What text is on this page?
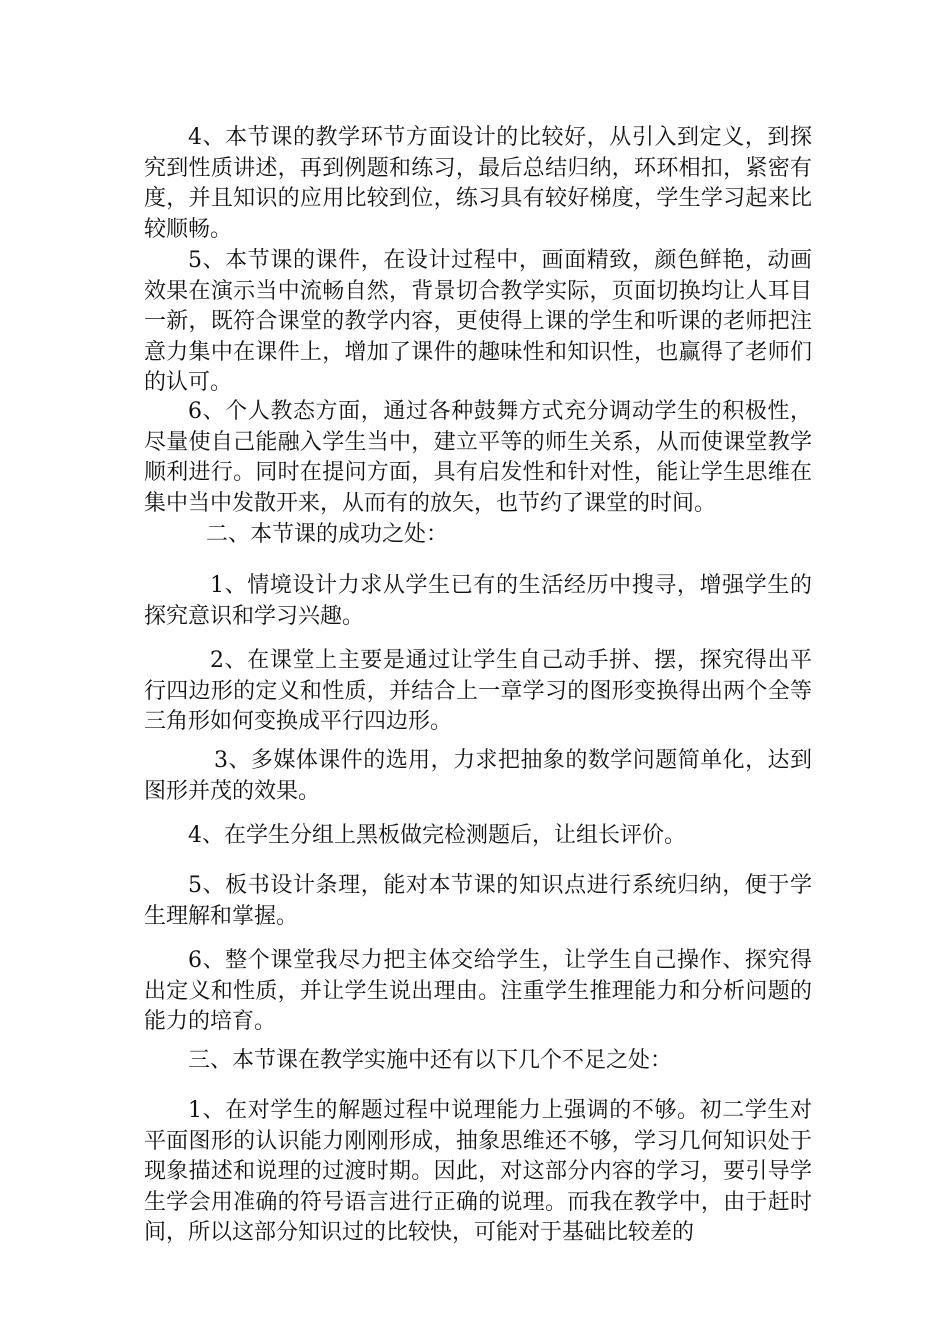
4、本节课的教学环节方面设计的比较好，从引入到定义，到探究到性质讲述，再到例题和练习，最后总结归纳，环环相扣，紧密有度，并且知识的应用比较到位，练习具有较好梯度，学生学习起来比较顺畅。

5、本节课的课件，在设计过程中，画面精致，颜色鲜艳，动画效果在演示当中流畅自然，背景切合教学实际，页面切换均让人耳目一新，既符合课堂的教学内容，更使得上课的学生和听课的老师把注意力集中在课件上，增加了课件的趣味性和知识性，也赢得了老师们的认可。

6、个人教态方面，通过各种鼓舞方式充分调动学生的积极性，尽量使自己能融入学生当中，建立平等的师生关系，从而使课堂教学顺利进行。同时在提问方面，具有启发性和针对性，能让学生思维在集中当中发散开来，从而有的放矢，也节约了课堂的时间。

二、本节课的成功之处：

1、情境设计力求从学生已有的生活经历中搜寻，增强学生的探究意识和学习兴趣。

2、在课堂上主要是通过让学生自己动手拼、摆，探究得出平行四边形的定义和性质，并结合上一章学习的图形变换得出两个全等三角形如何变换成平行四边形。

3、多媒体课件的选用，力求把抽象的数学问题简单化，达到图形并茂的效果。

4、在学生分组上黑板做完检测题后，让组长评价。

5、板书设计条理，能对本节课的知识点进行系统归纳，便于学生理解和掌握。

6、整个课堂我尽力把主体交给学生，让学生自己操作、探究得出定义和性质，并让学生说出理由。注重学生推理能力和分析问题的能力的培育。

三、本节课在教学实施中还有以下几个不足之处：

1、在对学生的解题过程中说理能力上强调的不够。初二学生对平面图形的认识能力刚刚形成，抽象思维还不够，学习几何知识处于现象描述和说理的过渡时期。因此，对这部分内容的学习，要引导学生学会用准确的符号语言进行正确的说理。而我在教学中，由于赶时间，所以这部分知识过的比较快，可能对于基础比较差的
